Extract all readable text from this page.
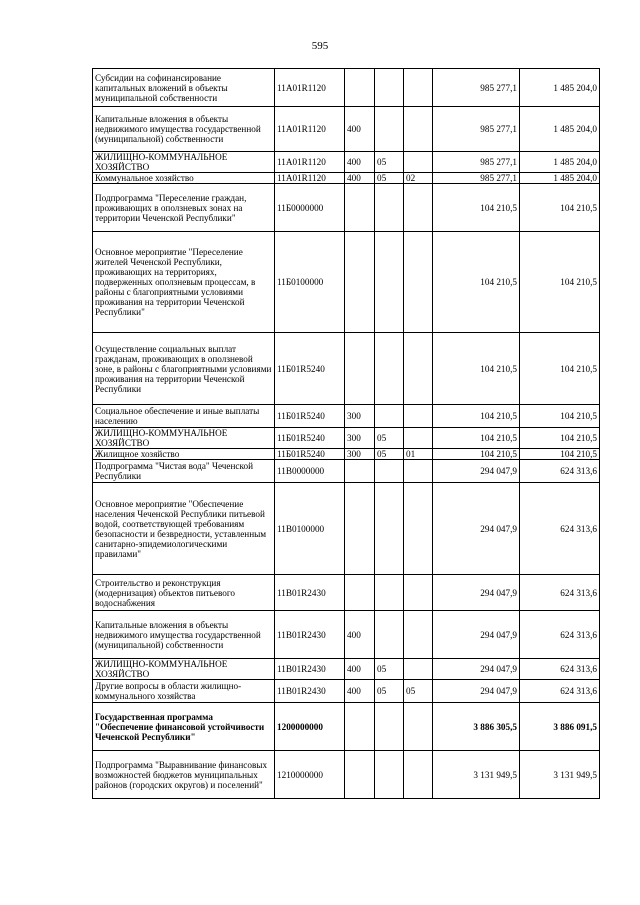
595
Субсидии на софинансирование капитальных вложений в объекты муниципальной собственности	11А01R1120				985 277,1	1 485 204,0
Капитальные вложения в объекты недвижимого имущества государственной (муниципальной) собственности	11А01R1120	400			985 277,1	1 485 204,0
ЖИЛИЩНО-КОММУНАЛЬНОЕ ХОЗЯЙСТВО	11А01R1120	400	05		985 277,1	1 485 204,0
Коммунальное хозяйство	11А01R1120	400	05	02	985 277,1	1 485 204,0
Подпрограмма "Переселение граждан, проживающих в оползневых зонах на территории Чеченской Республики"	11Б0000000				104 210,5	104 210,5
Основное мероприятие "Переселение жителей Чеченской Республики, проживающих на территориях, подверженных оползневым процессам, в районы с благоприятными условиями проживания на территории Чеченской Республики"	11Б0100000				104 210,5	104 210,5
Осуществление социальных выплат гражданам, проживающих в оползневой зоне, в районы с благоприятными условиями проживания на территории Чеченской Республики	11Б01R5240				104 210,5	104 210,5
Социальное обеспечение и иные выплаты населению	11Б01R5240	300			104 210,5	104 210,5
ЖИЛИЩНО-КОММУНАЛЬНОЕ ХОЗЯЙСТВО	11Б01R5240	300	05		104 210,5	104 210,5
Жилищное хозяйство	11Б01R5240	300	05	01	104 210,5	104 210,5
Подпрограмма "Чистая вода" Чеченской Республики	11В0000000				294 047,9	624 313,6
Основное мероприятие "Обеспечение населения Чеченской Республики питьевой водой, соответствующей требованиям безопасности и безвредности, уставленным санитарно-эпидемиологическими правилами"	11В0100000				294 047,9	624 313,6
Строительство и реконструкция (модернизация) объектов питьевого водоснабжения	11В01R2430				294 047,9	624 313,6
Капитальные вложения в объекты недвижимого имущества государственной (муниципальной) собственности	11В01R2430	400			294 047,9	624 313,6
ЖИЛИЩНО-КОММУНАЛЬНОЕ ХОЗЯЙСТВО	11В01R2430	400	05		294 047,9	624 313,6
Другие вопросы в области жилищно-коммунального хозяйства	11В01R2430	400	05	05	294 047,9	624 313,6
Государственная программа "Обеспечение финансовой устойчивости Чеченской Республики"	1200000000				3 886 305,5	3 886 091,5
Подпрограмма "Выравнивание финансовых возможностей бюджетов муниципальных районов (городских округов) и поселений"	1210000000				3 131 949,5	3 131 949,5
